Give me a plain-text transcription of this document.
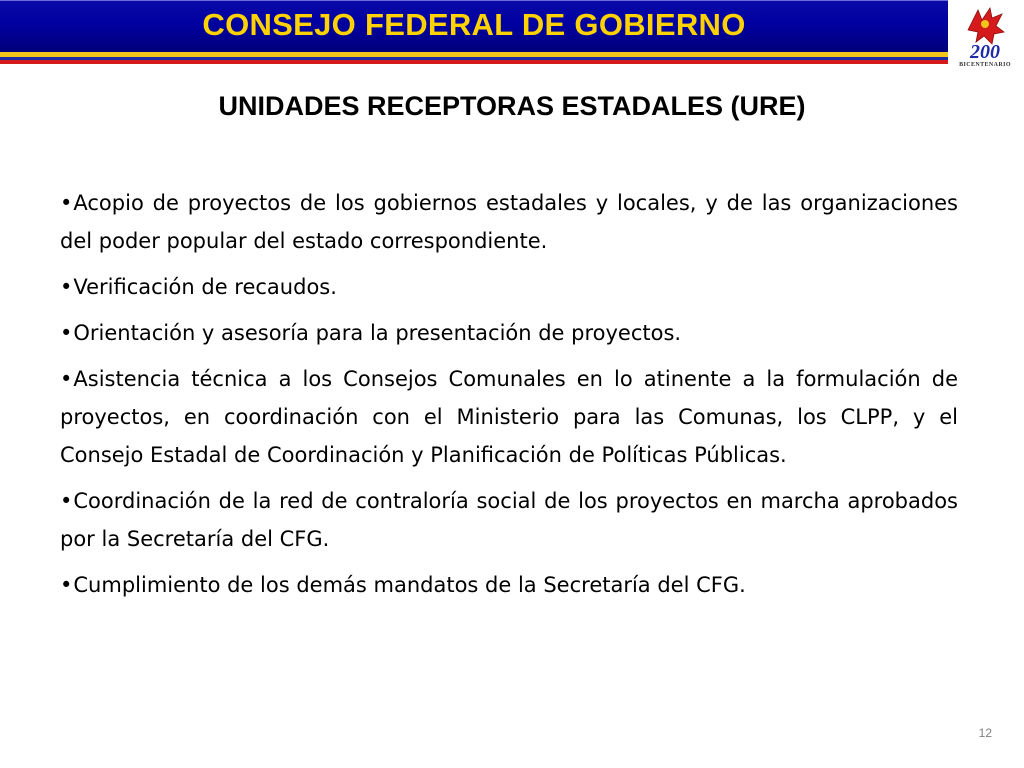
CONSEJO FEDERAL DE GOBIERNO
200
BICENTENARIO
UNIDADES RECEPTORAS ESTADALES (URE)
•Acopio de proyectos de los gobiernos estadales y locales, y de las organizaciones del poder popular del estado correspondiente.
•Verificación de recaudos.
•Orientación y asesoría para la presentación de proyectos.
•Asistencia técnica a los Consejos Comunales en lo atinente a la formulación de proyectos, en coordinación con el Ministerio para las Comunas, los CLPP, y el Consejo Estadal de Coordinación y Planificación de Políticas Públicas.
•Coordinación de la red de contraloría social de los proyectos en marcha aprobados por la Secretaría del CFG.
•Cumplimiento de los demás mandatos de la Secretaría del CFG.
12
